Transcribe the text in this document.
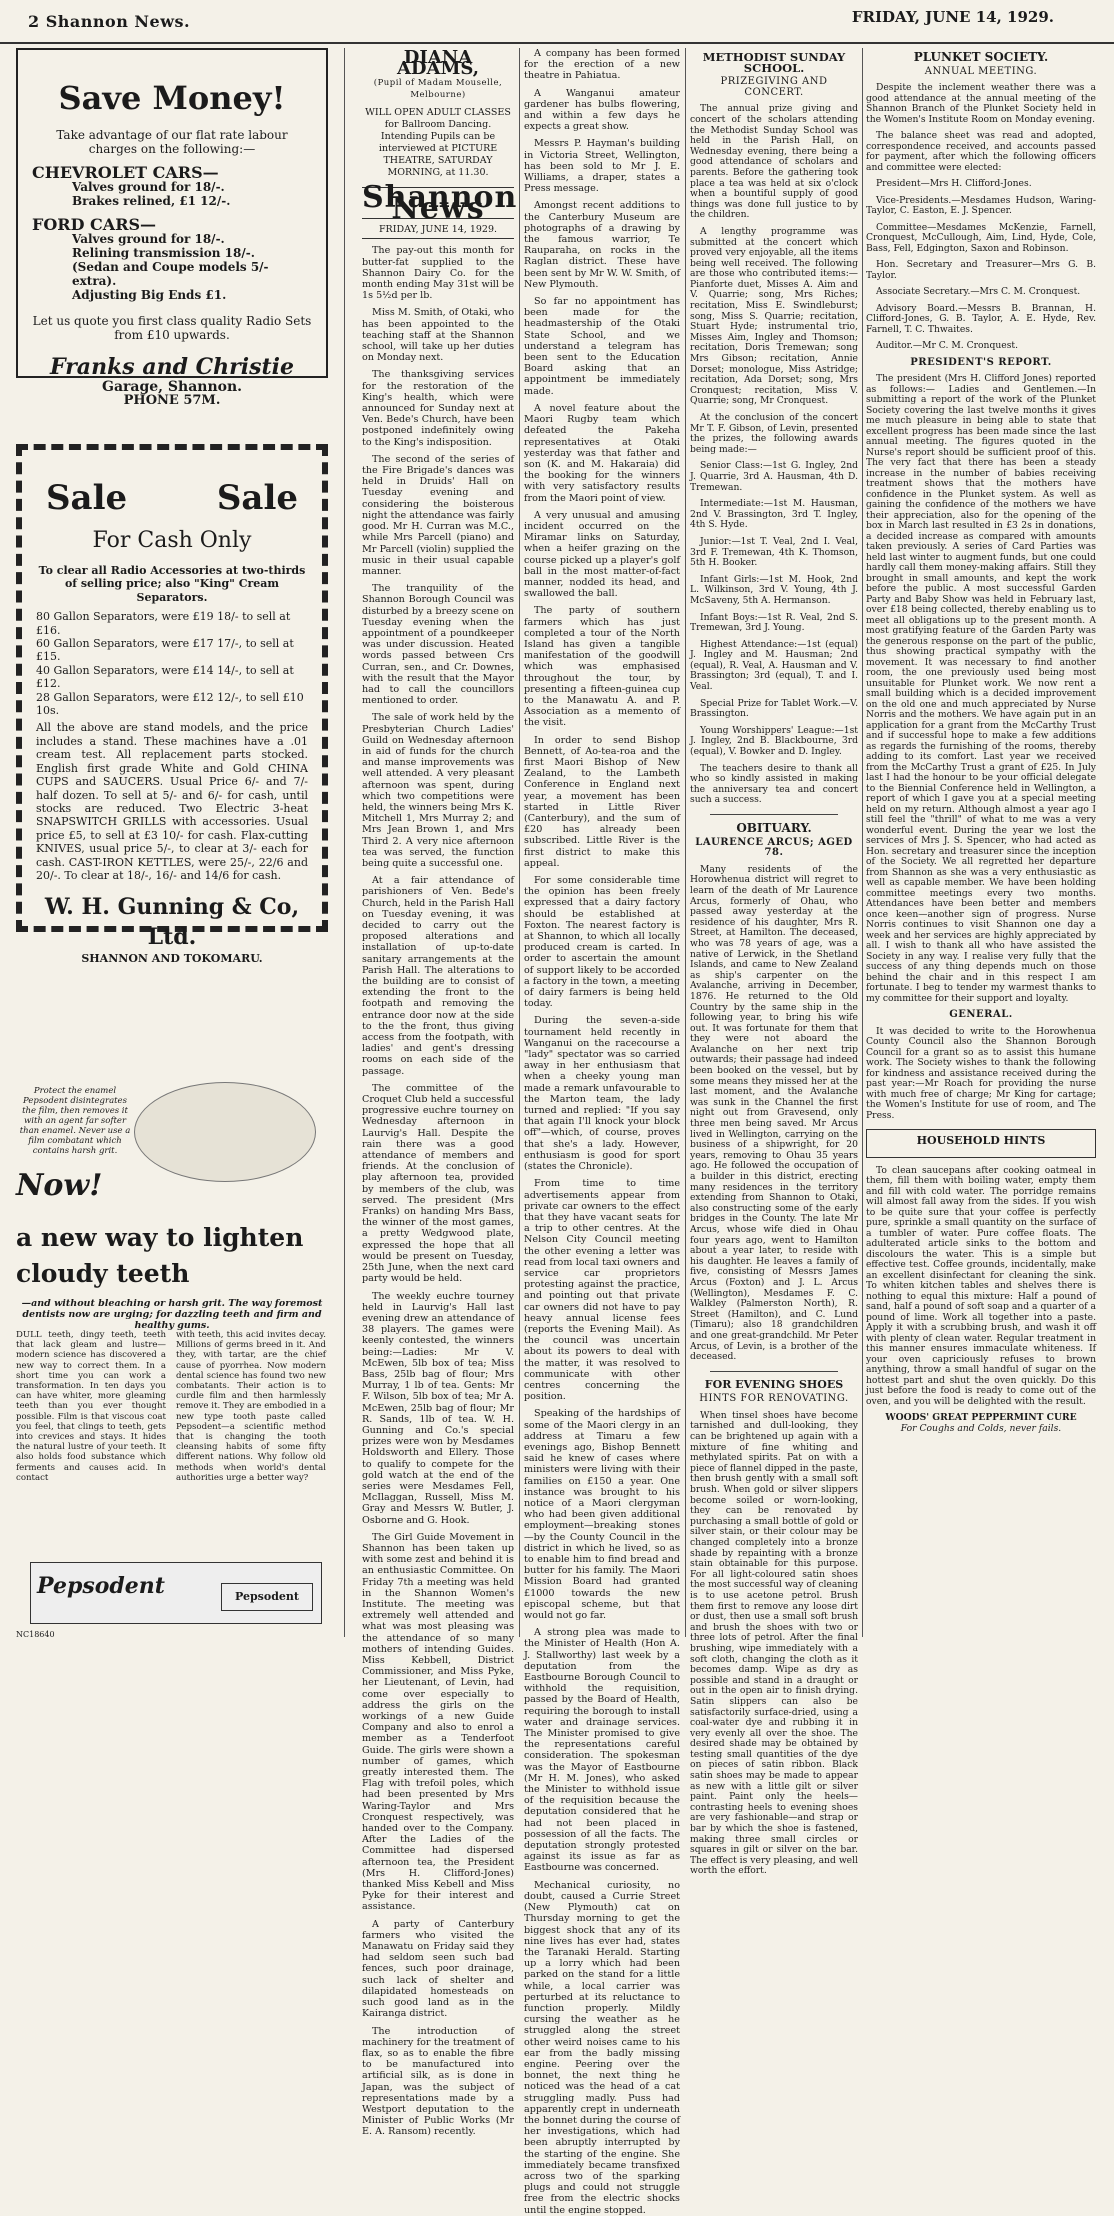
2 Shannon News.	FRIDAY, JUNE 14, 1929.
Save Money!
Take advantage of our flat rate labour charges on the following:—
CHEVROLET CARS—
Valves ground for 18/-.
Brakes relined, £1 12/-.
FORD CARS—
Valves ground for 18/-.
Relining transmission 18/-.
(Sedan and Coupe models 5/- extra).
Adjusting Big Ends £1.
Let us quote you first class quality Radio Sets from £10 upwards.
Franks and Christie
Garage, Shannon.
PHONE 57M.
Sale	Sale
For Cash Only
To clear all Radio Accessories at two-thirds of selling price; also "King" Cream Separators.
80 Gallon Separators, were £19 18/- to sell at £16.
60 Gallon Separators, were £17 17/-, to sell at £15.
40 Gallon Separators, were £14 14/-, to sell at £12.
28 Gallon Separators, were £12 12/-, to sell £10 10s.
All the above are stand models, and the price includes a stand. These machines have a .01 cream test. All replacement parts stocked. English first grade White and Gold CHINA CUPS and SAUCERS. Usual Price 6/- and 7/- half dozen. To sell at 5/- and 6/- for cash, until stocks are reduced. Two Electric 3-heat SNAPSWITCH GRILLS with accessories. Usual price £5, to sell at £3 10/- for cash. Flax-cutting KNIVES, usual price 5/-, to clear at 3/- each for cash. CAST-IRON KETTLES, were 25/-, 22/6 and 20/-. To clear at 18/-, 16/- and 14/6 for cash.
W. H. Gunning & Co, Ltd.
SHANNON AND TOKOMARU.
Protect the enamel Pepsodent disintegrates the film, then removes it with an agent far softer than enamel. Never use a film combatant which contains harsh grit.
Now!
a new way to lighten cloudy teeth
—and without bleaching or harsh grit. The way foremost dentists now are urging; for dazzling teeth and firm and healthy gums.
DULL teeth, dingy teeth, teeth that lack gleam and lustre—modern science has discovered a new way to correct them. In a short time you can work a transformation. In ten days you can have whiter, more gleaming teeth than you ever thought possible. Film is that viscous coat you feel, that clings to teeth, gets into crevices and stays. It hides the natural lustre of your teeth. It also holds food substance which ferments and causes acid. In contact
with teeth, this acid invites decay. Millions of germs breed in it. And they, with tartar, are the chief cause of pyorrhea. Now modern dental science has found two new combatants. Their action is to curdle film and then harmlessly remove it. They are embodied in a new type tooth paste called Pepsodent—a scientific method that is changing the tooth cleansing habits of some fifty different nations. Why follow old methods when world's dental authorities urge a better way?
Pepsodent	Pepsodent
NC18640
DIANA ADAMS,
(Pupil of Madam Mouselle, Melbourne)
WILL OPEN ADULT CLASSES for Ballroom Dancing. Intending Pupils can be interviewed at PICTURE THEATRE, SATURDAY MORNING, at 11.30.
Shannon News
FRIDAY, JUNE 14, 1929.

The pay-out this month for butter-fat supplied to the Shannon Dairy Co. for the month ending May 31st will be 1s 5½d per lb.

Miss M. Smith, of Otaki, who has been appointed to the teaching staff at the Shannon school, will take up her duties on Monday next.

The thanksgiving services for the restoration of the King's health, which were announced for Sunday next at Ven. Bede's Church, have been postponed indefinitely owing to the King's indisposition.

The second of the series of the Fire Brigade's dances was held in Druids' Hall on Tuesday evening and considering the boisterous night the attendance was fairly good. Mr H. Curran was M.C., while Mrs Parcell (piano) and Mr Parcell (violin) supplied the music in their usual capable manner.

The tranquility of the Shannon Borough Council was disturbed by a breezy scene on Tuesday evening when the appointment of a poundkeeper was under discussion. Heated words passed between Crs Curran, sen., and Cr. Downes, with the result that the Mayor had to call the councillors mentioned to order.

The sale of work held by the Presbyterian Church Ladies' Guild on Wednesday afternoon in aid of funds for the church and manse improvements was well attended. A very pleasant afternoon was spent, during which two competitions were held, the winners being Mrs K. Mitchell 1, Mrs Murray 2; and Mrs Jean Brown 1, and Mrs Third 2. A very nice afternoon tea was served, the function being quite a successful one.

At a fair attendance of parishioners of Ven. Bede's Church, held in the Parish Hall on Tuesday evening, it was decided to carry out the proposed alterations and installation of up-to-date sanitary arrangements at the Parish Hall. The alterations to the building are to consist of extending the front to the footpath and removing the entrance door now at the side to the the front, thus giving access from the footpath, with ladies' and gent's dressing rooms on each side of the passage.

The committee of the Croquet Club held a successful progressive euchre tourney on Wednesday afternoon in Laurvig's Hall. Despite the rain there was a good attendance of members and friends. At the conclusion of play afternoon tea, provided by members of the club, was served. The president (Mrs Franks) on handing Mrs Bass, the winner of the most games, a pretty Wedgwood plate, expressed the hope that all would be present on Tuesday, 25th June, when the next card party would be held.

The weekly euchre tourney held in Laurvig's Hall last evening drew an attendance of 38 players. The games were keenly contested, the winners being:—Ladies: Mr V. McEwen, 5lb box of tea; Miss Bass, 25lb bag of flour; Mrs Murray, 1 lb of tea. Gents: Mr F. Wilson, 5lb box of tea; Mr A. McEwen, 25lb bag of flour; Mr R. Sands, 1lb of tea. W. H. Gunning and Co.'s special prizes were won by Mesdames Holdsworth and Ellery. Those to qualify to compete for the gold watch at the end of the series were Mesdames Fell, McIlaggan, Russell, Miss M. Gray and Messrs W. Butler, J. Osborne and G. Hook.

The Girl Guide Movement in Shannon has been taken up with some zest and behind it is an enthusiastic Committee. On Friday 7th a meeting was held in the Shannon Women's Institute. The meeting was extremely well attended and what was most pleasing was the attendance of so many mothers of intending Guides. Miss Kebbell, District Commissioner, and Miss Pyke, her Lieutenant, of Levin, had come over especially to address the girls on the workings of a new Guide Company and also to enrol a member as a Tenderfoot Guide. The girls were shown a number of games, which greatly interested them. The Flag with trefoil poles, which had been presented by Mrs Waring-Taylor and Mrs Cronquest respectively, was handed over to the Company. After the Ladies of the Committee had dispersed afternoon tea, the President (Mrs H. Clifford-Jones) thanked Miss Kebell and Miss Pyke for their interest and assistance.

A party of Canterbury farmers who visited the Manawatu on Friday said they had seldom seen such bad fences, such poor drainage, such lack of shelter and dilapidated homesteads on such good land as in the Kairanga district.

The introduction of machinery for the treatment of flax, so as to enable the fibre to be manufactured into artificial silk, as is done in Japan, was the subject of representations made by a Westport deputation to the Minister of Public Works (Mr E. A. Ransom) recently.

A company has been formed for the erection of a new theatre in Pahiatua.

A Wanganui amateur gardener has bulbs flowering, and within a few days he expects a great show.

Messrs P. Hayman's building in Victoria Street, Wellington, has been sold to Mr J. E. Williams, a draper, states a Press message.

Amongst recent additions to the Canterbury Museum are photographs of a drawing by the famous warrior, Te Rauparaha, on rocks in the Raglan district. These have been sent by Mr W. W. Smith, of New Plymouth.

So far no appointment has been made for the headmastership of the Otaki State School, and we understand a telegram has been sent to the Education Board asking that an appointment be immediately made.

A novel feature about the Maori Rugby team which defeated the Pakeha representatives at Otaki yesterday was that father and son (K. and M. Hakaraia) did the booking for the winners with very satisfactory results from the Maori point of view.

A very unusual and amusing incident occurred on the Miramar links on Saturday, when a heifer grazing on the course picked up a player's golf ball in the most matter-of-fact manner, nodded its head, and swallowed the ball.

The party of southern farmers which has just completed a tour of the North Island has given a tangible manifestation of the goodwill which was emphasised throughout the tour, by presenting a fifteen-guinea cup to the Manawatu A. and P. Association as a memento of the visit.

In order to send Bishop Bennett, of Ao-tea-roa and the first Maori Bishop of New Zealand, to the Lambeth Conference in England next year, a movement has been started in Little River (Canterbury), and the sum of £20 has already been subscribed. Little River is the first district to make this appeal.

For some considerable time the opinion has been freely expressed that a dairy factory should be established at Foxton. The nearest factory is at Shannon, to which all locally produced cream is carted. In order to ascertain the amount of support likely to be accorded a factory in the town, a meeting of dairy farmers is being held today.

During the seven-a-side tournament held recently in Wanganui on the racecourse a "lady" spectator was so carried away in her enthusiasm that when a cheeky young man made a remark unfavourable to the Marton team, the lady turned and replied: "If you say that again I'll knock your block off"—which, of course, proves that she's a lady. However, enthusiasm is good for sport (states the Chronicle).

From time to time advertisements appear from private car owners to the effect that they have vacant seats for a trip to other centres. At the Nelson City Council meeting the other evening a letter was read from local taxi owners and service car proprietors protesting against the practice, and pointing out that private car owners did not have to pay heavy annual license fees (reports the Evening Mail). As the council was uncertain about its powers to deal with the matter, it was resolved to communicate with other centres concerning the position.

Speaking of the hardships of some of the Maori clergy in an address at Timaru a few evenings ago, Bishop Bennett said he knew of cases where ministers were living with their families on £150 a year. One instance was brought to his notice of a Maori clergyman who had been given additional employment—breaking stones—by the County Council in the district in which he lived, so as to enable him to find bread and butter for his family. The Maori Mission Board had granted £1000 towards the new episcopal scheme, but that would not go far.

A strong plea was made to the Minister of Health (Hon A. J. Stallworthy) last week by a deputation from the Eastbourne Borough Council to withhold the requisition, passed by the Board of Health, requiring the borough to install water and drainage services. The Minister promised to give the representations careful consideration. The spokesman was the Mayor of Eastbourne (Mr H. M. Jones), who asked the Minister to withhold issue of the requisition because the deputation considered that he had not been placed in possession of all the facts. The deputation strongly protested against its issue as far as Eastbourne was concerned.

Mechanical curiosity, no doubt, caused a Currie Street (New Plymouth) cat on Thursday morning to get the biggest shock that any of its nine lives has ever had, states the Taranaki Herald. Starting up a lorry which had been parked on the stand for a little while, a local carrier was perturbed at its reluctance to function properly. Mildly cursing the weather as he struggled along the street other weird noises came to his ear from the badly missing engine. Peering over the bonnet, the next thing he noticed was the head of a cat struggling madly. Puss had apparently crept in underneath the bonnet during the course of her investigations, which had been abruptly interrupted by the starting of the engine. She immediately became transfixed across two of the sparking plugs and could not struggle free from the electric shocks until the engine stopped.

METHODIST SUNDAY SCHOOL.
PRIZEGIVING AND CONCERT.

The annual prize giving and concert of the scholars attending the Methodist Sunday School was held in the Parish Hall, on Wednesday evening, there being a good attendance of scholars and parents. Before the gathering took place a tea was held at six o'clock when a bountiful supply of good things was done full justice to by the children.

A lengthy programme was submitted at the concert which proved very enjoyable, all the items being well received. The following are those who contributed items:—Pianforte duet, Misses A. Aim and V. Quarrie; song, Mrs Riches; recitation, Miss E. Swindleburst; song, Miss S. Quarrie; recitation, Stuart Hyde; instrumental trio, Misses Aim, Ingley and Thomson; recitation, Doris Tremewan; song Mrs Gibson; recitation, Annie Dorset; monologue, Miss Astridge; recitation, Ada Dorset; song, Mrs Cronquest; recitation, Miss V. Quarrie; song, Mr Cronquest.

At the conclusion of the concert Mr T. F. Gibson, of Levin, presented the prizes, the following awards being made:—

Senior Class:—1st G. Ingley, 2nd J. Quarrie, 3rd A. Hausman, 4th D. Tremewan.

Intermediate:—1st M. Hausman, 2nd V. Brassington, 3rd T. Ingley, 4th S. Hyde.

Junior:—1st T. Veal, 2nd I. Veal, 3rd F. Tremewan, 4th K. Thomson, 5th H. Booker.

Infant Girls:—1st M. Hook, 2nd L. Wilkinson, 3rd V. Young, 4th J. McSaveny, 5th A. Hermanson.

Infant Boys:—1st R. Veal, 2nd S. Tremewan, 3rd J. Young.

Highest Attendance:—1st (equal) J. Ingley and M. Hausman; 2nd (equal), R. Veal, A. Hausman and V. Brassington; 3rd (equal), T. and I. Veal.

Special Prize for Tablet Work.—V. Brassington.

Young Worshippers' League:—1st J. Ingley, 2nd B. Blackbourne, 3rd (equal), V. Bowker and D. Ingley.

The teachers desire to thank all who so kindly assisted in making the anniversary tea and concert such a success.

OBITUARY.
LAURENCE ARCUS; AGED 78.

Many residents of the Horowhenua district will regret to learn of the death of Mr Laurence Arcus, formerly of Ohau, who passed away yesterday at the residence of his daughter, Mrs R. Street, at Hamilton. The deceased, who was 78 years of age, was a native of Lerwick, in the Shetland Islands, and came to New Zealand as ship's carpenter on the Avalanche, arriving in December, 1876. He returned to the Old Country by the same ship in the following year, to bring his wife out. It was fortunate for them that they were not aboard the Avalanche on her next trip outwards; their passage had indeed been booked on the vessel, but by some means they missed her at the last moment, and the Avalanche was sunk in the Channel the first night out from Gravesend, only three men being saved. Mr Arcus lived in Wellington, carrying on the business of a shipwright, for 20 years, removing to Ohau 35 years ago. He followed the occupation of a builder in this district, erecting many residences in the territory extending from Shannon to Otaki, also constructing some of the early bridges in the County. The late Mr Arcus, whose wife died in Ohau four years ago, went to Hamilton about a year later, to reside with his daughter. He leaves a family of five, consisting of Messrs James Arcus (Foxton) and J. L. Arcus (Wellington), Mesdames F. C. Walkley (Palmerston North), R. Street (Hamilton), and C. Lund (Timaru); also 18 grandchildren and one great-grandchild. Mr Peter Arcus, of Levin, is a brother of the deceased.

FOR EVENING SHOES
HINTS FOR RENOVATING.

When tinsel shoes have become tarnished and dull-looking, they can be brightened up again with a mixture of fine whiting and methylated spirits. Pat on with a piece of flannel dipped in the paste, then brush gently with a small soft brush. When gold or silver slippers become soiled or worn-looking, they can be renovated by purchasing a small bottle of gold or silver stain, or their colour may be changed completely into a bronze shade by repainting with a bronze stain obtainable for this purpose. For all light-coloured satin shoes the most successful way of cleaning is to use acetone petrol. Brush them first to remove any loose dirt or dust, then use a small soft brush and brush the shoes with two or three lots of petrol. After the final brushing, wipe immediately with a soft cloth, changing the cloth as it becomes damp. Wipe as dry as possible and stand in a draught or out in the open air to finish drying. Satin slippers can also be satisfactorily surface-dried, using a coal-water dye and rubbing it in very evenly all over the shoe. The desired shade may be obtained by testing small quantities of the dye on pieces of satin ribbon. Black satin shoes may be made to appear as new with a little gilt or silver paint. Paint only the heels—contrasting heels to evening shoes are very fashionable—and strap or bar by which the shoe is fastened, making three small circles or squares in gilt or silver on the bar. The effect is very pleasing, and well worth the effort.

PLUNKET SOCIETY.
ANNUAL MEETING.

Despite the inclement weather there was a good attendance at the annual meeting of the Shannon Branch of the Plunket Society held in the Women's Institute Room on Monday evening.

The balance sheet was read and adopted, correspondence received, and accounts passed for payment, after which the following officers and committee were elected:

President—Mrs H. Clifford-Jones.

Vice-Presidents.—Mesdames Hudson, Waring-Taylor, C. Easton, E. J. Spencer.

Committee—Mesdames McKenzie, Farnell, Cronquest, McCullough, Aim, Lind, Hyde, Cole, Bass, Fell, Edgington, Saxon and Robinson.

Hon. Secretary and Treasurer—Mrs G. B. Taylor.

Associate Secretary.—Mrs C. M. Cronquest.

Advisory Board.—Messrs B. Brannan, H. Clifford-Jones, G. B. Taylor, A. E. Hyde, Rev. Farnell, T. C. Thwaites.

Auditor.—Mr C. M. Cronquest.

PRESIDENT'S REPORT.

The president (Mrs H. Clifford Jones) reported as follows:— Ladies and Gentlemen.—In submitting a report of the work of the Plunket Society covering the last twelve months it gives me much pleasure in being able to state that excellent progress has been made since the last annual meeting. The figures quoted in the Nurse's report should be sufficient proof of this. The very fact that there has been a steady increase in the number of babies receiving treatment shows that the mothers have confidence in the Plunket system. As well as gaining the confidence of the mothers we have their appreciation, also for the opening of the box in March last resulted in £3 2s in donations, a decided increase as compared with amounts taken previously. A series of Card Parties was held last winter to augment funds, but one could hardly call them money-making affairs. Still they brought in small amounts, and kept the work before the public. A most successful Garden Party and Baby Show was held in February last, over £18 being collected, thereby enabling us to meet all obligations up to the present month. A most gratifying feature of the Garden Party was the generous response on the part of the public, thus showing practical sympathy with the movement. It was necessary to find another room, the one previously used being most unsuitable for Plunket work. We now rent a small building which is a decided improvement on the old one and much appreciated by Nurse Norris and the mothers. We have again put in an application for a grant from the McCarthy Trust and if successful hope to make a few additions as regards the furnishing of the rooms, thereby adding to its comfort. Last year we received from the McCarthy Trust a grant of £25. In July last I had the honour to be your official delegate to the Biennial Conference held in Wellington, a report of which I gave you at a special meeting held on my return. Although almost a year ago I still feel the "thrill" of what to me was a very wonderful event. During the year we lost the services of Mrs J. S. Spencer, who had acted as Hon. secretary and treasurer since the inception of the Society. We all regretted her departure from Shannon as she was a very enthusiastic as well as capable member. We have been holding committee meetings every two months. Attendances have been better and members once keen—another sign of progress. Nurse Norris continues to visit Shannon one day a week and her services are highly appreciated by all. I wish to thank all who have assisted the Society in any way. I realise very fully that the success of any thing depends much on those behind the chair and in this respect I am fortunate. I beg to tender my warmest thanks to my committee for their support and loyalty.

GENERAL.

It was decided to write to the Horowhenua County Council also the Shannon Borough Council for a grant so as to assist this humane work. The Society wishes to thank the following for kindness and assistance received during the past year:—Mr Roach for providing the nurse with much free of charge; Mr King for cartage; the Women's Institute for use of room, and The Press.

HOUSEHOLD HINTS

To clean saucepans after cooking oatmeal in them, fill them with boiling water, empty them and fill with cold water. The porridge remains will almost fall away from the sides. If you wish to be quite sure that your coffee is perfectly pure, sprinkle a small quantity on the surface of a tumbler of water. Pure coffee floats. The adulterated article sinks to the bottom and discolours the water. This is a simple but effective test. Coffee grounds, incidentally, make an excellent disinfectant for cleaning the sink. To whiten kitchen tables and shelves there is nothing to equal this mixture: Half a pound of sand, half a pound of soft soap and a quarter of a pound of lime. Work all together into a paste. Apply it with a scrubbing brush, and wash it off with plenty of clean water. Regular treatment in this manner ensures immaculate whiteness. If your oven capriciously refuses to brown anything, throw a small handful of sugar on the hottest part and shut the oven quickly. Do this just before the food is ready to come out of the oven, and you will be delighted with the result.

WOODS' GREAT PEPPERMINT CURE
For Coughs and Colds, never fails.
